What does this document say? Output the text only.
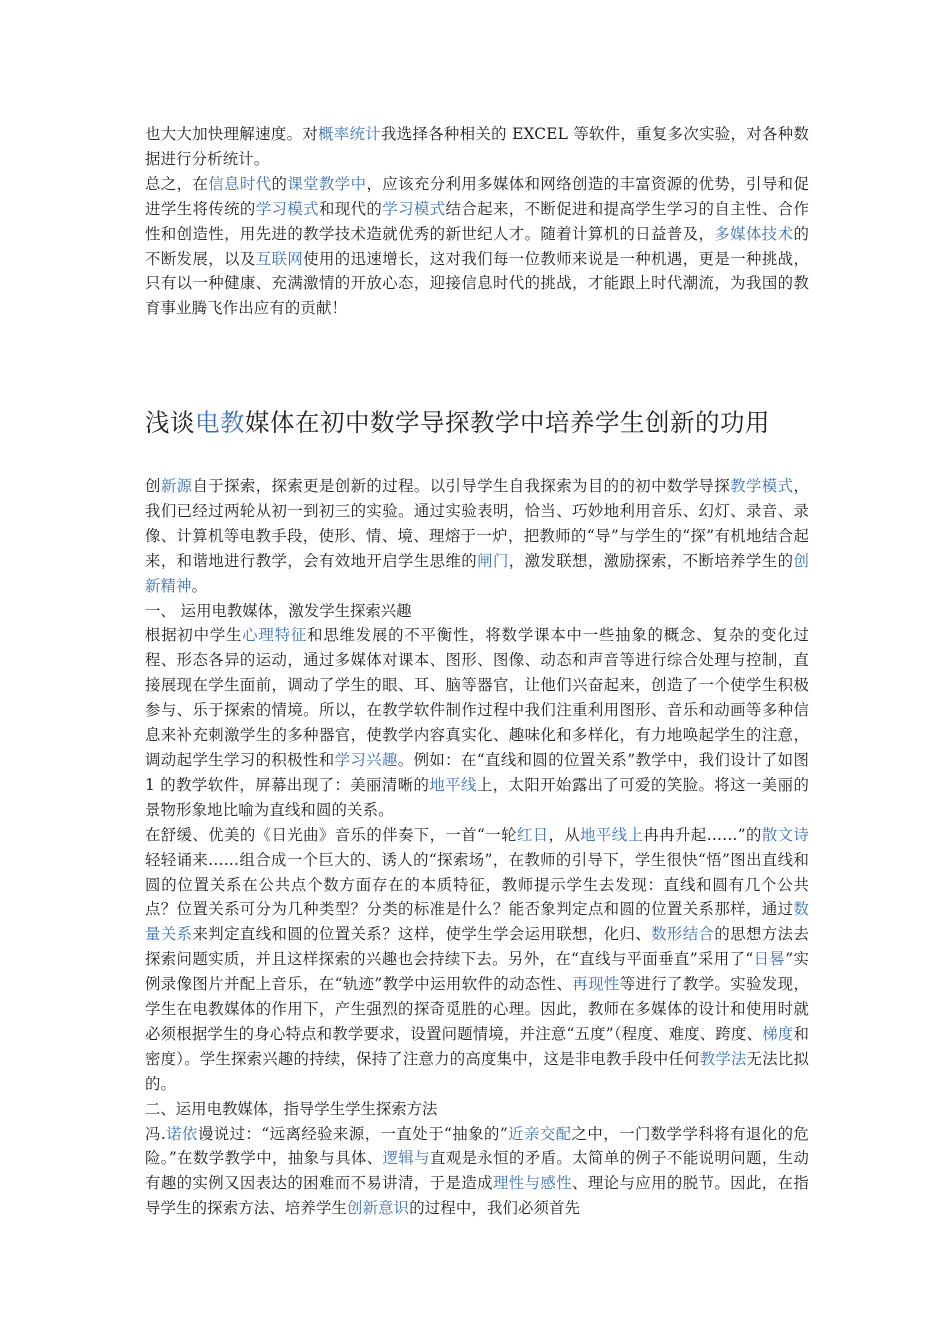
也大大加快理解速度。对概率统计我选择各种相关的 EXCEL 等软件，重复多次实验，对各种数据进行分析统计。

总之，在信息时代的课堂教学中，应该充分利用多媒体和网络创造的丰富资源的优势，引导和促进学生将传统的学习模式和现代的学习模式结合起来，不断促进和提高学生学习的自主性、合作性和创造性，用先进的教学技术造就优秀的新世纪人才。随着计算机的日益普及，多媒体技术的不断发展，以及互联网使用的迅速增长，这对我们每一位教师来说是一种机遇，更是一种挑战，只有以一种健康、充满激情的开放心态，迎接信息时代的挑战，才能跟上时代潮流，为我国的教育事业腾飞作出应有的贡献！

浅谈电教媒体在初中数学导探教学中培养学生创新的功用

创新源自于探索，探索更是创新的过程。以引导学生自我探索为目的的初中数学导探教学模式，我们已经过两轮从初一到初三的实验。通过实验表明，恰当、巧妙地利用音乐、幻灯、录音、录像、计算机等电教手段，使形、情、境、理熔于一炉，把教师的“导”与学生的“探”有机地结合起来，和谐地进行教学，会有效地开启学生思维的闸门，激发联想，激励探索，不断培养学生的创新精神。

一、 运用电教媒体，激发学生探索兴趣

根据初中学生心理特征和思维发展的不平衡性，将数学课本中一些抽象的概念、复杂的变化过程、形态各异的运动，通过多媒体对课本、图形、图像、动态和声音等进行综合处理与控制，直接展现在学生面前，调动了学生的眼、耳、脑等器官，让他们兴奋起来，创造了一个使学生积极参与、乐于探索的情境。所以，在教学软件制作过程中我们注重利用图形、音乐和动画等多种信息来补充刺激学生的多种器官，使教学内容真实化、趣味化和多样化，有力地唤起学生的注意，调动起学生学习的积极性和学习兴趣。例如：在“直线和圆的位置关系”教学中，我们设计了如图 1 的教学软件，屏幕出现了：美丽清晰的地平线上，太阳开始露出了可爱的笑脸。将这一美丽的景物形象地比喻为直线和圆的关系。

在舒缓、优美的《日光曲》音乐的伴奏下，一首“一轮红日，从地平线上冉冉升起……”的散文诗轻轻诵来……组合成一个巨大的、诱人的“探索场”，在教师的引导下，学生很快“悟”图出直线和圆的位置关系在公共点个数方面存在的本质特征，教师提示学生去发现：直线和圆有几个公共点？位置关系可分为几种类型？分类的标准是什么？能否象判定点和圆的位置关系那样，通过数量关系来判定直线和圆的位置关系？这样，使学生学会运用联想，化归、数形结合的思想方法去探索问题实质，并且这样探索的兴趣也会持续下去。另外，在“直线与平面垂直”采用了“日晷”实例录像图片并配上音乐，在“轨迹”教学中运用软件的动态性、再现性等进行了教学。实验发现，学生在电教媒体的作用下，产生强烈的探奇觅胜的心理。因此，教师在多媒体的设计和使用时就必须根据学生的身心特点和教学要求，设置问题情境，并注意“五度”（程度、难度、跨度、梯度和密度）。学生探索兴趣的持续，保持了注意力的高度集中，这是非电教手段中任何教学法无法比拟的。

二、运用电教媒体，指导学生学生探索方法

冯.诺依谩说过：“远离经验来源，一直处于“抽象的”近亲交配之中，一门数学学科将有退化的危险。”在数学教学中，抽象与具体、逻辑与直观是永恒的矛盾。太简单的例子不能说明问题，生动有趣的实例又因表达的困难而不易讲清，于是造成理性与感性、理论与应用的脱节。因此，在指导学生的探索方法、培养学生创新意识的过程中，我们必须首先
